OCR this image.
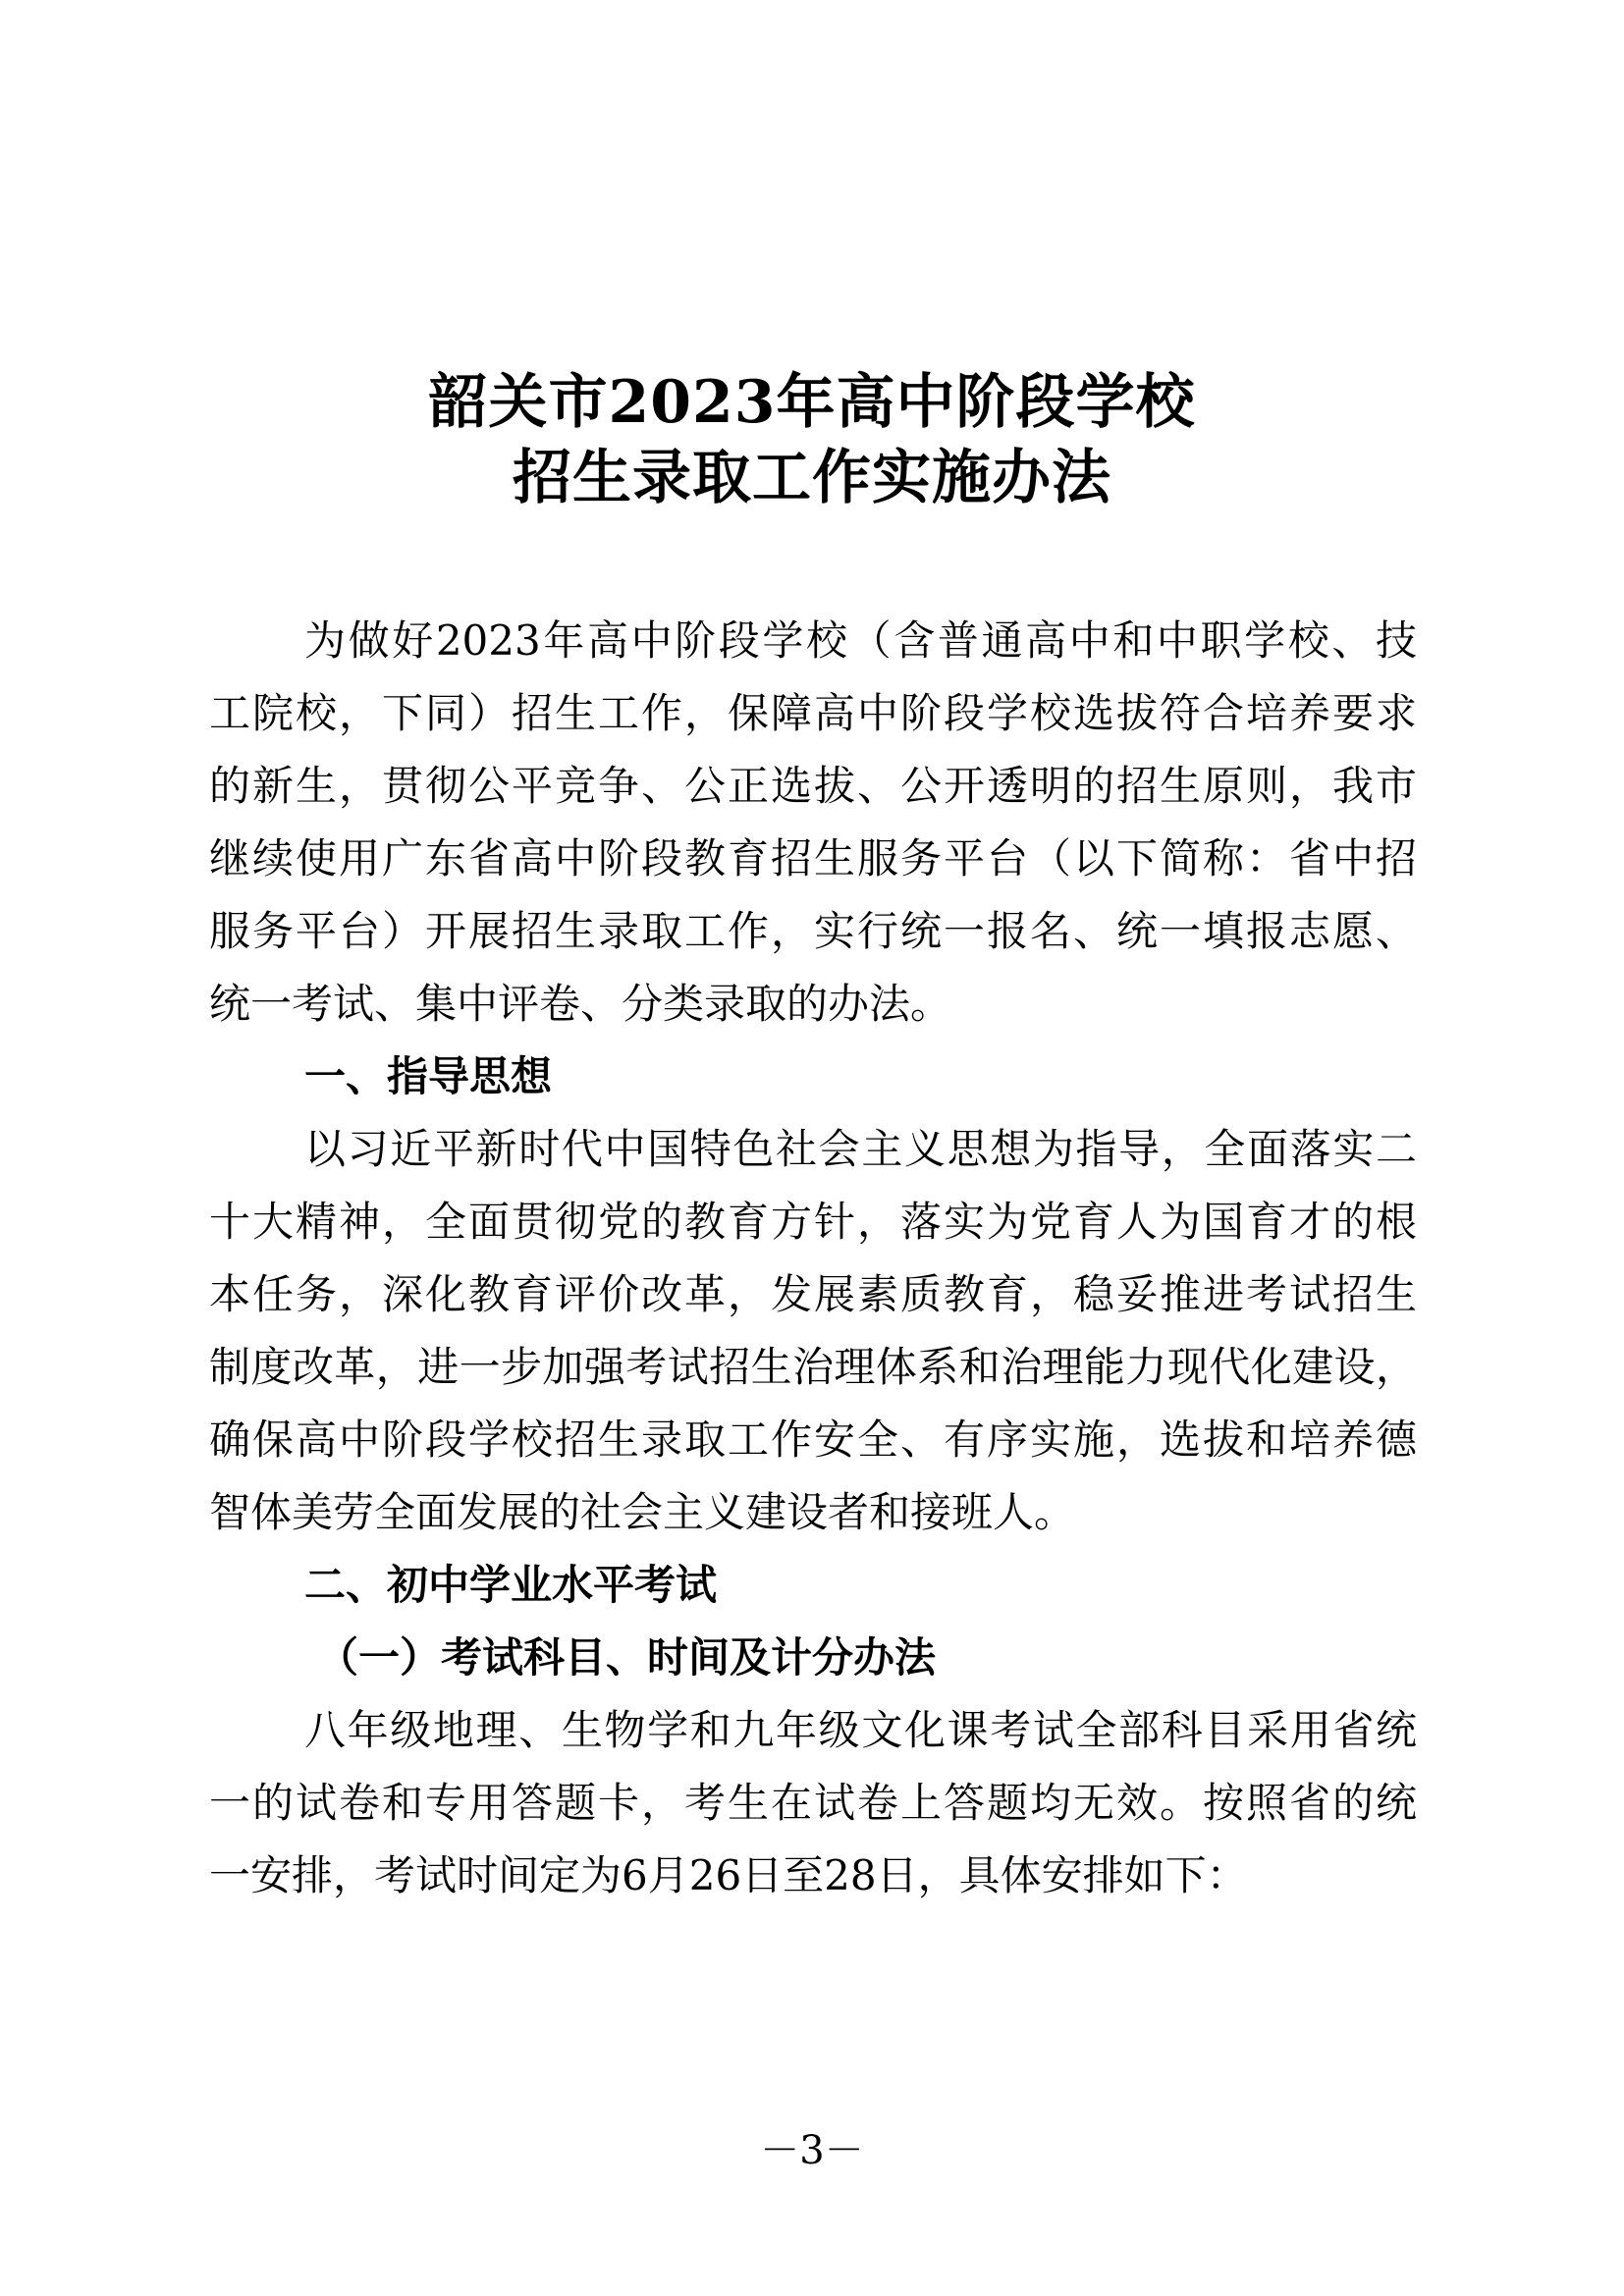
韶关市2023年高中阶段学校
招生录取工作实施办法
为做好2023年高中阶段学校（含普通高中和中职学校、技
工院校，下同）招生工作，保障高中阶段学校选拔符合培养要求
的新生，贯彻公平竞争、公正选拔、公开透明的招生原则，我市
继续使用广东省高中阶段教育招生服务平台（以下简称：省中招
服务平台）开展招生录取工作，实行统一报名、统一填报志愿、
统一考试、集中评卷、分类录取的办法。
一、指导思想
以习近平新时代中国特色社会主义思想为指导，全面落实二
十大精神，全面贯彻党的教育方针，落实为党育人为国育才的根
本任务，深化教育评价改革，发展素质教育，稳妥推进考试招生
制度改革，进一步加强考试招生治理体系和治理能力现代化建设，
确保高中阶段学校招生录取工作安全、有序实施，选拔和培养德
智体美劳全面发展的社会主义建设者和接班人。
二、初中学业水平考试
（一）考试科目、时间及计分办法
八年级地理、生物学和九年级文化课考试全部科目采用省统
一的试卷和专用答题卡，考生在试卷上答题均无效。按照省的统
一安排，考试时间定为6月26日至28日，具体安排如下：
－3－
